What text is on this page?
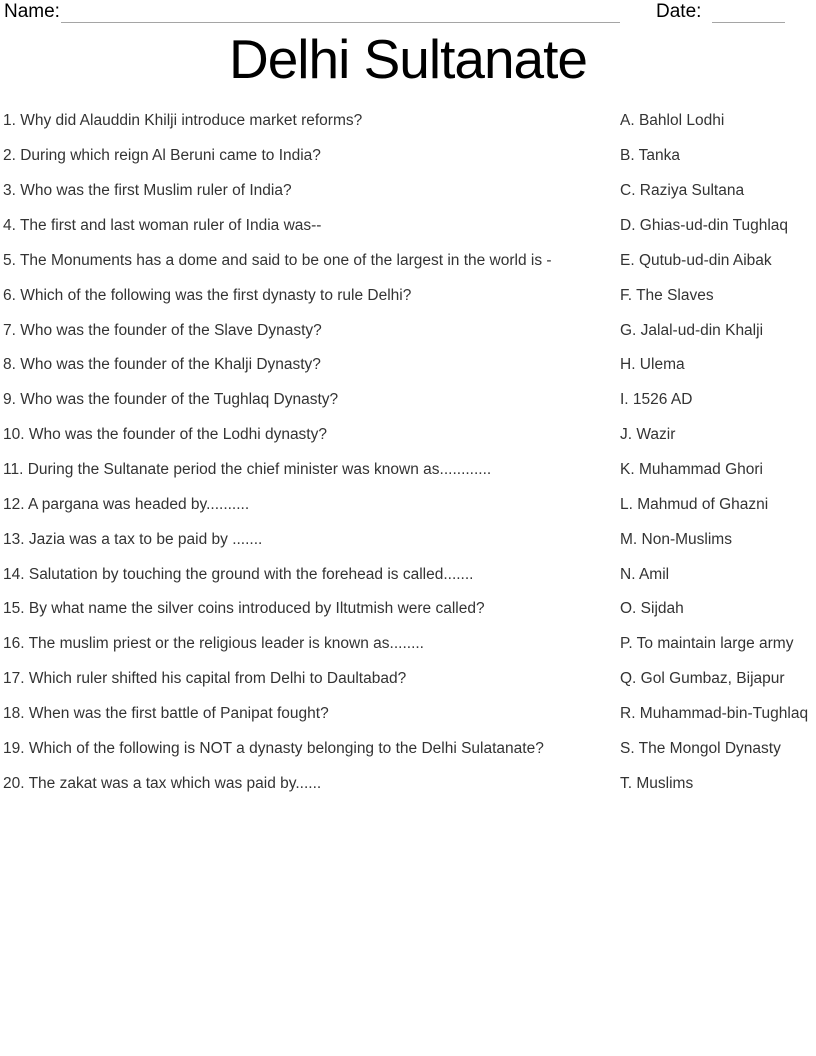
Name:	Date:
Delhi Sultanate
1. Why did Alauddin Khilji introduce market reforms?
2. During which reign Al Beruni came to India?
3. Who was the first Muslim ruler of India?
4. The first and last woman ruler of India was--
5. The Monuments has a dome and said to be one of the largest in the world is -
6. Which of the following was the first dynasty to rule Delhi?
7. Who was the founder of the Slave Dynasty?
8. Who was the founder of the Khalji Dynasty?
9. Who was the founder of the Tughlaq Dynasty?
10. Who was the founder of the Lodhi dynasty?
11. During the Sultanate period the chief minister was known as............
12. A pargana was headed by..........
13. Jazia was a tax to be paid by .......
14. Salutation by touching the ground with the forehead is called.......
15. By what name the silver coins introduced by Iltutmish were called?
16. The muslim priest or the religious leader is known as........
17. Which ruler shifted his capital from Delhi to Daultabad?
18. When was the first battle of Panipat fought?
19. Which of the following is NOT a dynasty belonging to the Delhi Sulatanate?
20. The zakat was a tax which was paid by......
A. Bahlol Lodhi
B. Tanka
C. Raziya Sultana
D. Ghias-ud-din Tughlaq
E. Qutub-ud-din Aibak
F. The Slaves
G. Jalal-ud-din Khalji
H. Ulema
I. 1526 AD
J. Wazir
K. Muhammad Ghori
L. Mahmud of Ghazni
M. Non-Muslims
N. Amil
O. Sijdah
P. To maintain large army
Q. Gol Gumbaz, Bijapur
R. Muhammad-bin-Tughlaq
S. The Mongol Dynasty
T. Muslims
